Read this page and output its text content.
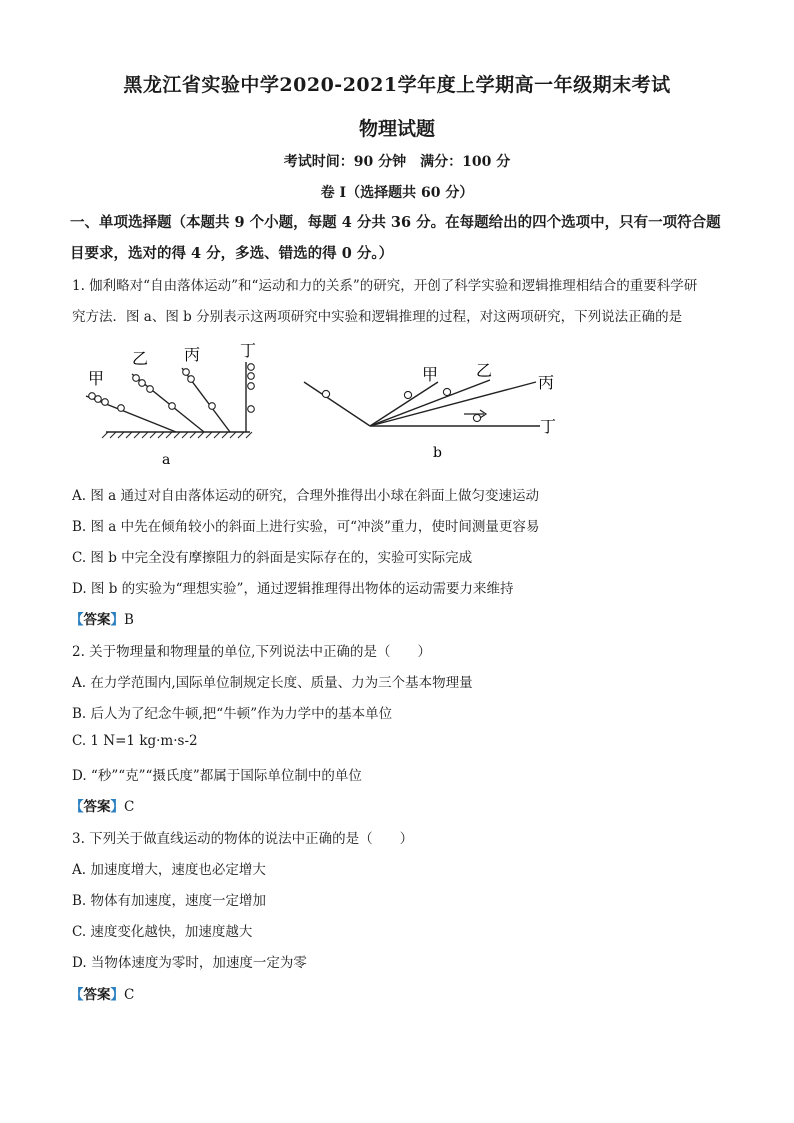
黑龙江省实验中学2020-2021学年度上学期高一年级期末考试
物理试题
考试时间：90 分钟　满分：100 分
卷 I（选择题共 60 分）
一、单项选择题（本题共 9 个小题，每题 4 分共 36 分。在每题给出的四个选项中，只有一项符合题目要求，选对的得 4 分，多选、错选的得 0 分。）
1. 伽利略对“自由落体运动”和“运动和力的关系”的研究，开创了科学实验和逻辑推理相结合的重要科学研
究方法．图 a、图 b 分别表示这两项研究中实验和逻辑推理的过程，对这两项研究，下列说法正确的是
甲
乙 丙 丁
a
甲 乙
丙
丁
b
A. 图 a 通过对自由落体运动的研究，合理外推得出小球在斜面上做匀变速运动
B. 图 a 中先在倾角较小的斜面上进行实验，可“冲淡”重力，使时间测量更容易
C. 图 b 中完全没有摩擦阻力的斜面是实际存在的，实验可实际完成
D. 图 b 的实验为“理想实验”，通过逻辑推理得出物体的运动需要力来维持
【答案】B
2. 关于物理量和物理量的单位,下列说法中正确的是（　　）
A. 在力学范围内,国际单位制规定长度、质量、力为三个基本物理量
B. 后人为了纪念牛顿,把“牛顿”作为力学中的基本单位
C. 1 N=1 kg·m·s-2
D. “秒”“克”“摄氏度”都属于国际单位制中的单位
【答案】C
3. 下列关于做直线运动的物体的说法中正确的是（　　）
A. 加速度增大，速度也必定增大
B. 物体有加速度，速度一定增加
C. 速度变化越快，加速度越大
D. 当物体速度为零时，加速度一定为零
【答案】C
